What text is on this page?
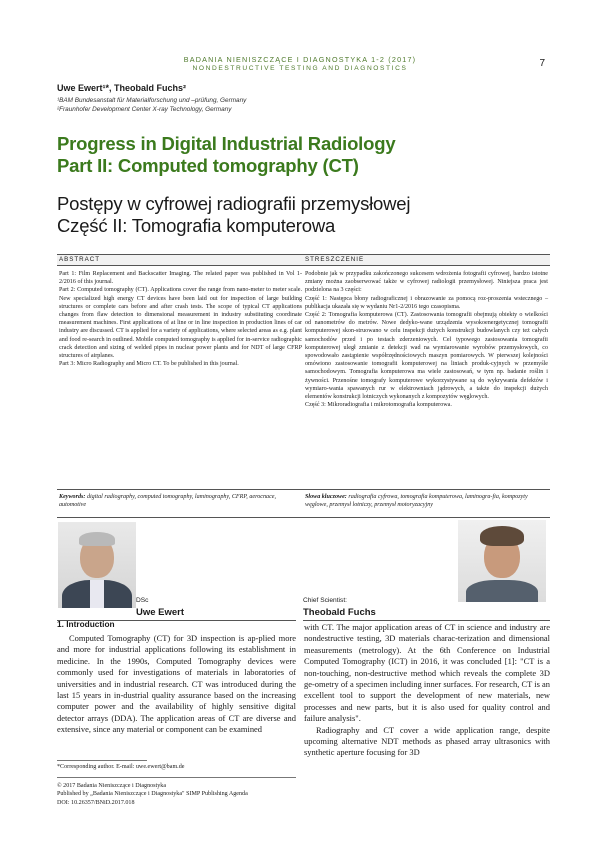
BADANIA NIENISZCZĄCE I DIAGNOSTYKA 1-2 (2017)
NONDESTRUCTIVE TESTING AND DIAGNOSTICS	7
Uwe Ewert¹*, Theobald Fuchs²
¹BAM Bundesanstalt für Materialforschung und –prüfung, Germany
²Fraunhofer Development Center X-ray Technology, Germany
Progress in Digital Industrial Radiology
Part II: Computed tomography (CT)
Postępy w cyfrowej radiografii przemysłowej
Część II: Tomografia komputerowa
ABSTRACT

Part 1: Film Replacement and Backscatter Imaging. The related paper was published in Vol 1-2/2016 of this journal.

Part 2: Computed tomography (CT). Applications cover the range from nano-meter to meter scale. New specialized high energy CT devices have been laid out for inspection of large building structures or complete cars before and after crash tests. The scope of typical CT applications changes from flaw detection to dimensional measurement in industry substituting coordinate measurement machines. First applications of at line or in line inspection in production lines of car industry are discussed. CT is applied for a variety of applications, where selected areas as e.g. plant and food re-search in outlined. Mobile computed tomography is applied for in-service radiographic crack detection and sizing of welded pipes in nuclear power plants and for NDT of large CFRP structures of airplanes.

Part 3: Micro Radiography and Micro CT. To be published in this journal.

STRESZCZENIE

Podobnie jak w przypadku zakończonego sukcesem wdrożenia fotografii cyfrowej, bardzo istotne zmiany można zaobserwować także w cyfrowej radiologii przemysłowej. Niniejsza praca jest podzielona na 3 części:

Część 1: Następca błony radiograficznej i obrazowanie za pomocą roz-proszenia wstecznego – publikacja ukazała się w wydaniu Nr1-2/2016 tego czasopisma.

Część 2: Tomografia komputerowa (CT). Zastosowania tomografii obejmują obiekty o wielkości od nanometrów do metrów. Nowe dedyko-wane urządzenia wysokoenergetycznej tomografii komputerowej skon-struowano w celu inspekcji dużych konstrukcji budowlanych czy też całych samochodów przed i po testach zderzeniowych. Cel typowego zastosowania tomografii komputerowej uległ zmianie z detekcji wad na wymiarowanie wyrobów przemysłowych, co spowodowało zastąpienie współrzędnościowych maszyn pomiarowych. W pierwszej kolejności omówiono zastosowanie tomografii komputerowej na liniach produk-cyjnych w przemyśle samochodowym. Tomografia komputerowa ma wiele zastosowań, w tym np. badanie roślin i żywności. Przenośne tomografy komputerowe wykorzystywane są do wykrywania defektów i wymiaro-wania spawanych rur w elektrowniach jądrowych, a także do inspekcji dużych elementów konstrukcji lotniczych wykonanych z kompozytów węglowych.

Część 3: Mikroradiografia i mikrotomografia komputerowa.

Keywords: digital radiography, computed tomography, laminography, CFRP, aeroспace, automotive
Słowa kluczowe: radiografia cyfrowa, tomografia komputerowa, laminogra-fia, kompozyty węglowe, przemysł lotniczy, przemysł motoryzacyjny
DSc
Uwe Ewert
Chief Scientist:
Theobald Fuchs
1. Introduction

Computed Tomography (CT) for 3D inspection is ap-plied more and more for industrial applications following its establishment in medicine. In the 1990s, Computed Tomography devices were commonly used for investigations of materials in laboratories of universities and in industrial research. CT was introduced during the last 15 years in in-dustrial quality assurance based on the increasing computer power and the availability of highly sensitive digital detector arrays (DDA). The application areas of CT are diverse and extensive, since any material or component can be examined

with CT. The major application areas of CT in science and industry are nondestructive testing, 3D materials charac-terization and dimensional measurements (metrology). At the 6th Conference on Industrial Computed Tomography (ICT) in 2016, it was concluded [1]: "CT is a non-touching, non-destructive method which reveals the complete 3D ge-ometry of a specimen including inner surfaces. For research, CT is an excellent tool to support the development of new materials, new processes and new parts, but it is also used for quality control and failure analysis".

Radiography and CT cover a wide application range, despite upcoming alternative NDT methods as phased array ultrasonics with synthetic aperture focusing for 3D

*Corresponding author. E-mail: uwe.ewert@bam.de
© 2017 Badania Nieniszczące i Diagnostyka
Published by „Badania Nieniszczące i Diagnostyka" SIMP Publishing Agenda
DOI: 10.26357/BNiD.2017.018
